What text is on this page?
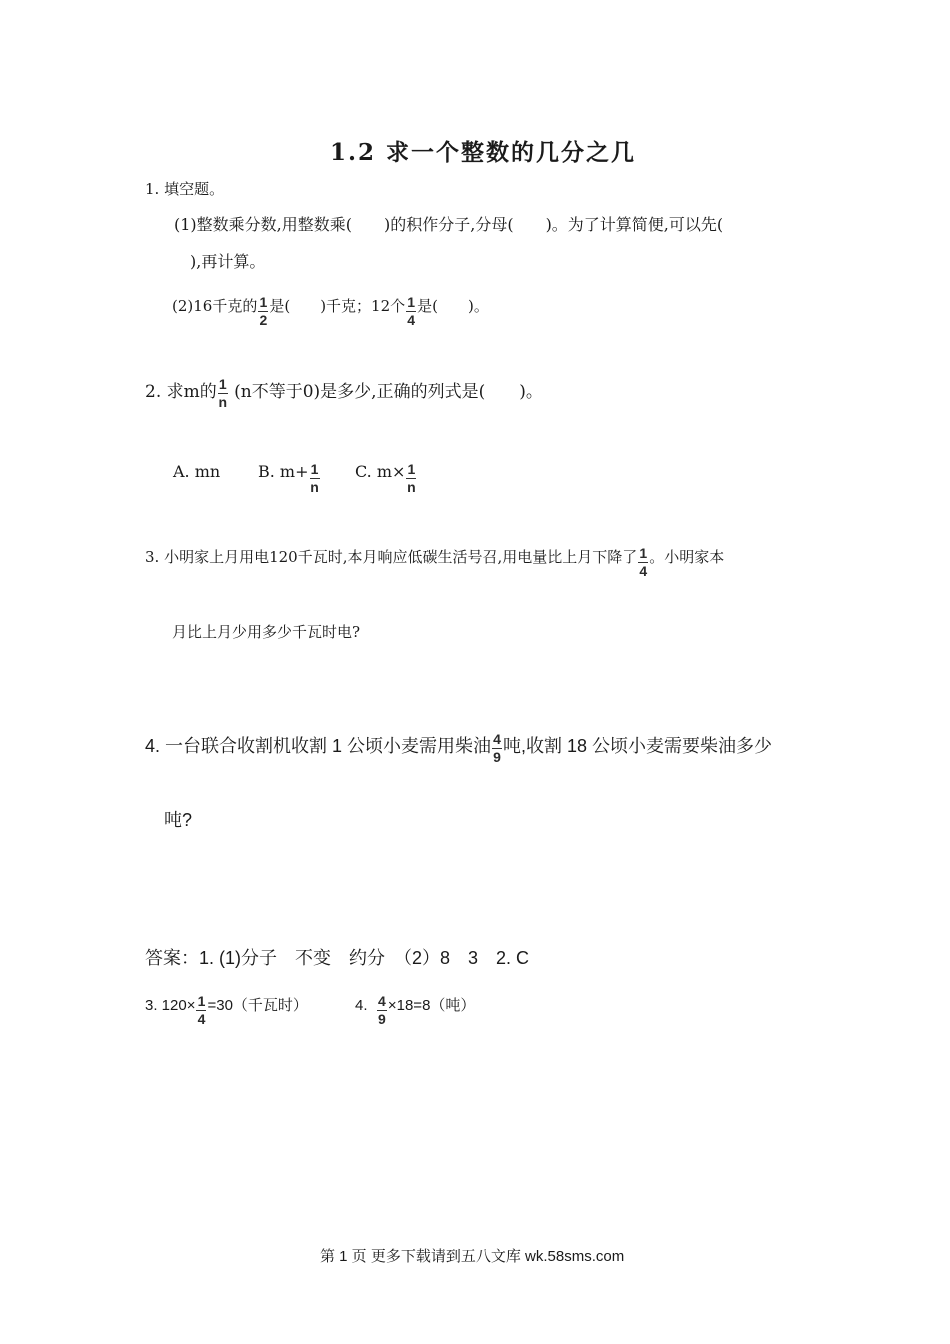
1.2 求一个整数的几分之几
1. 填空题。
(1)整数乘分数,用整数乘(　　)的积作分子,分母(　　)。为了计算简便,可以先(
),再计算。
(2)16千克的 $\frac{1}{2}$ 是(　　)千克；12个 $\frac{1}{4}$ 是(　　)。
2. 求m的 $\frac{1}{n} (n$不等于0)是多少,正确的列式是(　　)。
A. mn B. $m+ \frac{1}{n} C$. $m\times \frac{1}{n}$
3. 小明家上月用电120千瓦时,本月响应低碳生活号召,用电量比上月下降了 $\frac{1}{4}$ 。小明家本
月比上月少用多少千瓦时电?
4. 一台联合收割机收割 1 公顷小麦需用柴油 $\frac{4}{9}$ 吨,收割 18 公顷小麦需要柴油多少
吨?
答案：1. (1)分子　不变　约分　（2）8　3　2. C
3. $120\times \frac{1}{4} =30$（千瓦时）	4. $\frac{4}{9} \times 18=8$（吨）
第 1 页 更多下载请到五八文库 wk.58sms.com
